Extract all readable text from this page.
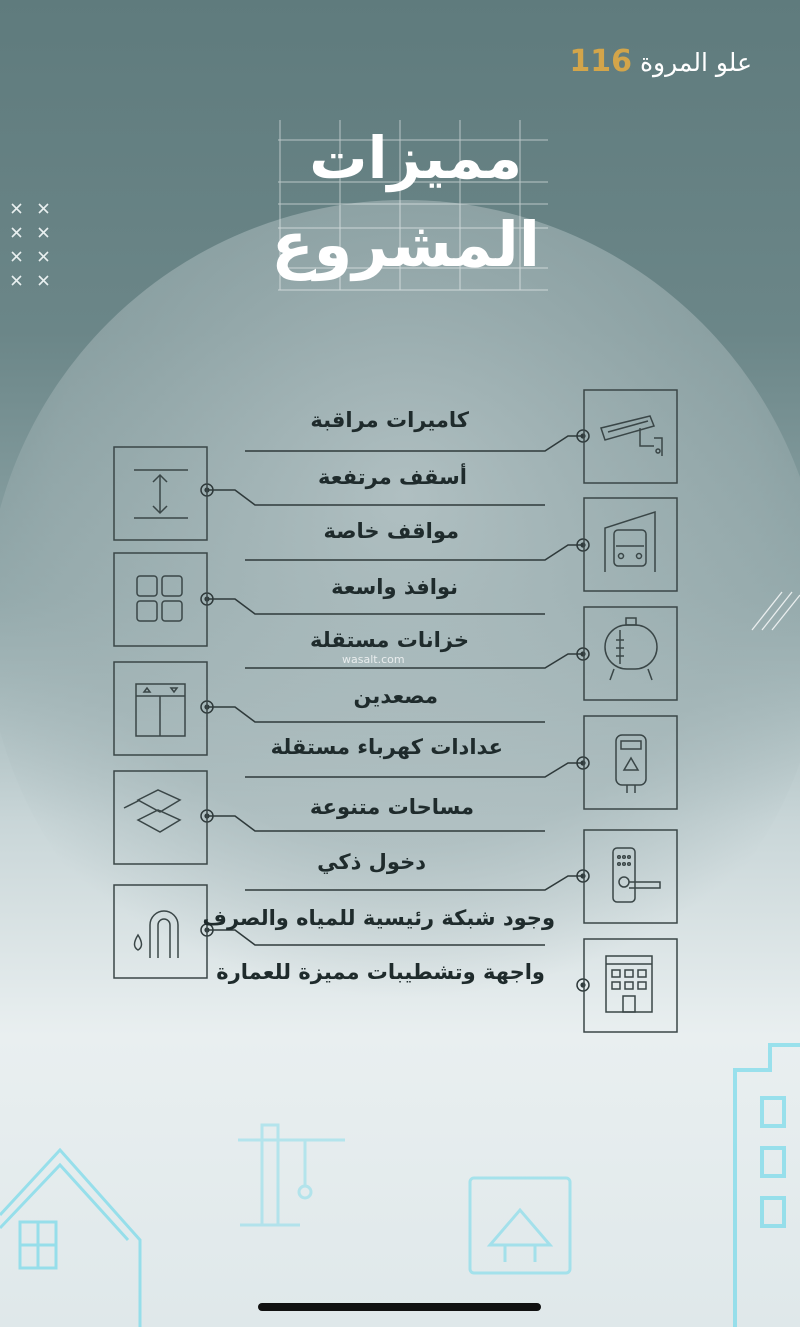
علو المروة116
مميزات
المشروع
كاميرات مراقبة
أسقف مرتفعة
مواقف خاصة
نوافذ واسعة
خزانات مستقلة
مصعدين
عدادات كهرباء مستقلة
مساحات متنوعة
دخول ذكي
وجود شبكة رئيسية للمياه والصرف
واجهة وتشطيبات مميزة للعمارة
wasalt.com
